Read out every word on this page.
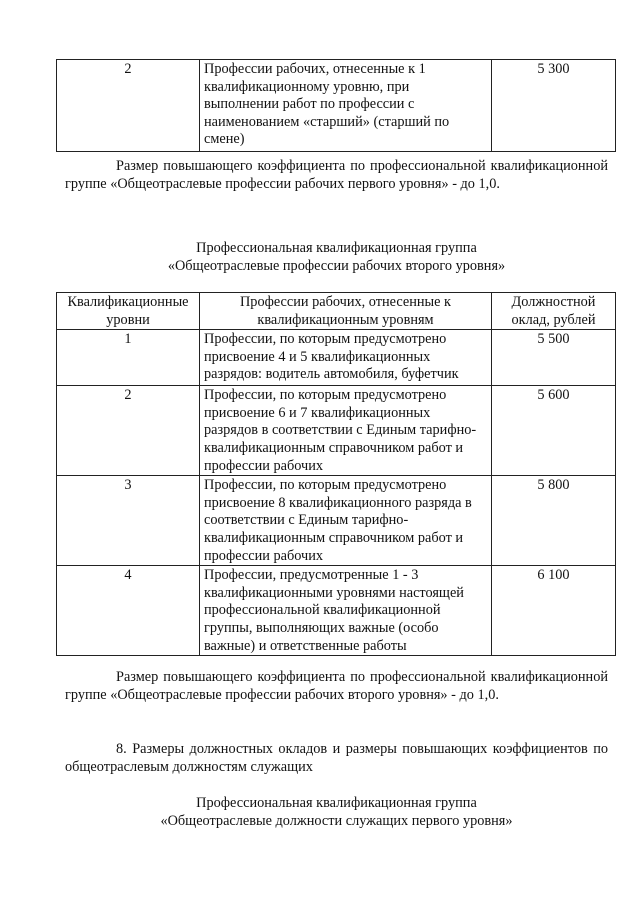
2	Профессии рабочих, отнесенные к 1 квалификационному уровню, при выполнении работ по профессии с наименованием «старший» (старший по смене)	5 300

Размер повышающего коэффициента по профессиональной квалификационной группе «Общеотраслевые профессии рабочих первого уровня» - до 1,0.

Профессиональная квалификационная группа
«Общеотраслевые профессии рабочих второго уровня»
Квалификационные уровни	Профессии рабочих, отнесенные к квалификационным уровням	Должностной оклад, рублей
1	Профессии, по которым предусмотрено присвоение 4 и 5 квалификационных разрядов: водитель автомобиля, буфетчик	5 500
2	Профессии, по которым предусмотрено присвоение 6 и 7 квалификационных разрядов в соответствии с Единым тарифно-квалификационным справочником работ и профессии рабочих	5 600
3	Профессии, по которым предусмотрено присвоение 8 квалификационного разряда в соответствии с Единым тарифно-квалификационным справочником работ и профессии рабочих	5 800
4	Профессии, предусмотренные 1 - 3 квалификационными уровнями настоящей профессиональной квалификационной группы, выполняющих важные (особо важные) и ответственные работы	6 100

Размер повышающего коэффициента по профессиональной квалификационной группе «Общеотраслевые профессии рабочих второго уровня» - до 1,0.

8. Размеры должностных окладов и размеры повышающих коэффициентов по общеотраслевым должностям служащих

Профессиональная квалификационная группа
«Общеотраслевые должности служащих первого уровня»
